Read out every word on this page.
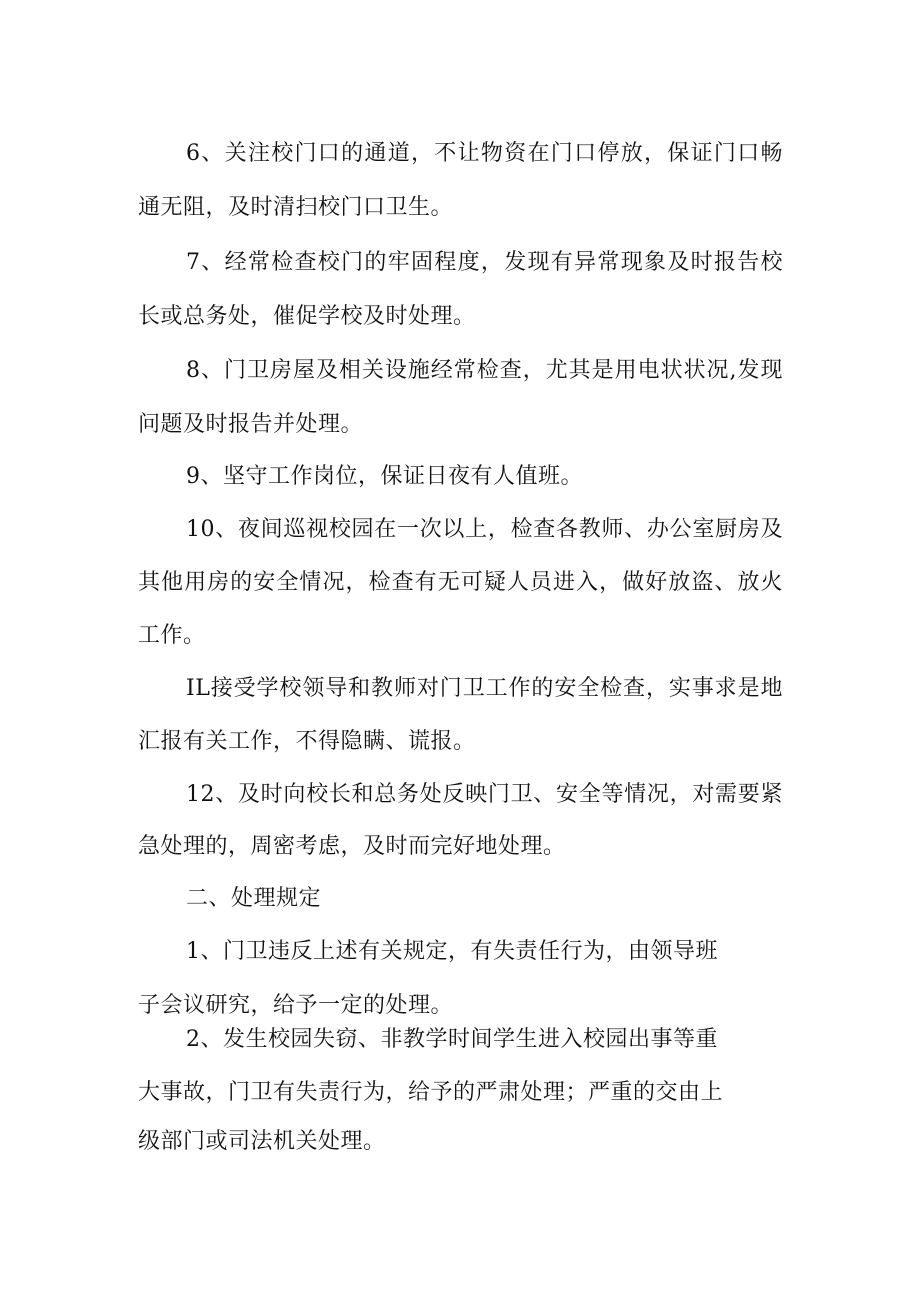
6、关注校门口的通道，不让物资在门口停放，保证门口畅
通无阻，及时清扫校门口卫生。
7、经常检查校门的牢固程度，发现有异常现象及时报告校
长或总务处，催促学校及时处理。
8、门卫房屋及相关设施经常检查，尤其是用电状状况,发现
问题及时报告并处理。
9、坚守工作岗位，保证日夜有人值班。
10、夜间巡视校园在一次以上，检查各教师、办公室厨房及
其他用房的安全情况，检查有无可疑人员进入，做好放盗、放火
工作。
IL接受学校领导和教师对门卫工作的安全检查，实事求是地
汇报有关工作，不得隐瞒、谎报。
12、及时向校长和总务处反映门卫、安全等情况，对需要紧
急处理的，周密考虑，及时而完好地处理。
二、处理规定
1、门卫违反上述有关规定，有失责任行为，由领导班
子会议研究，给予一定的处理。
2、发生校园失窃、非教学时间学生进入校园出事等重
大事故，门卫有失责行为，给予的严肃处理；严重的交由上
级部门或司法机关处理。
